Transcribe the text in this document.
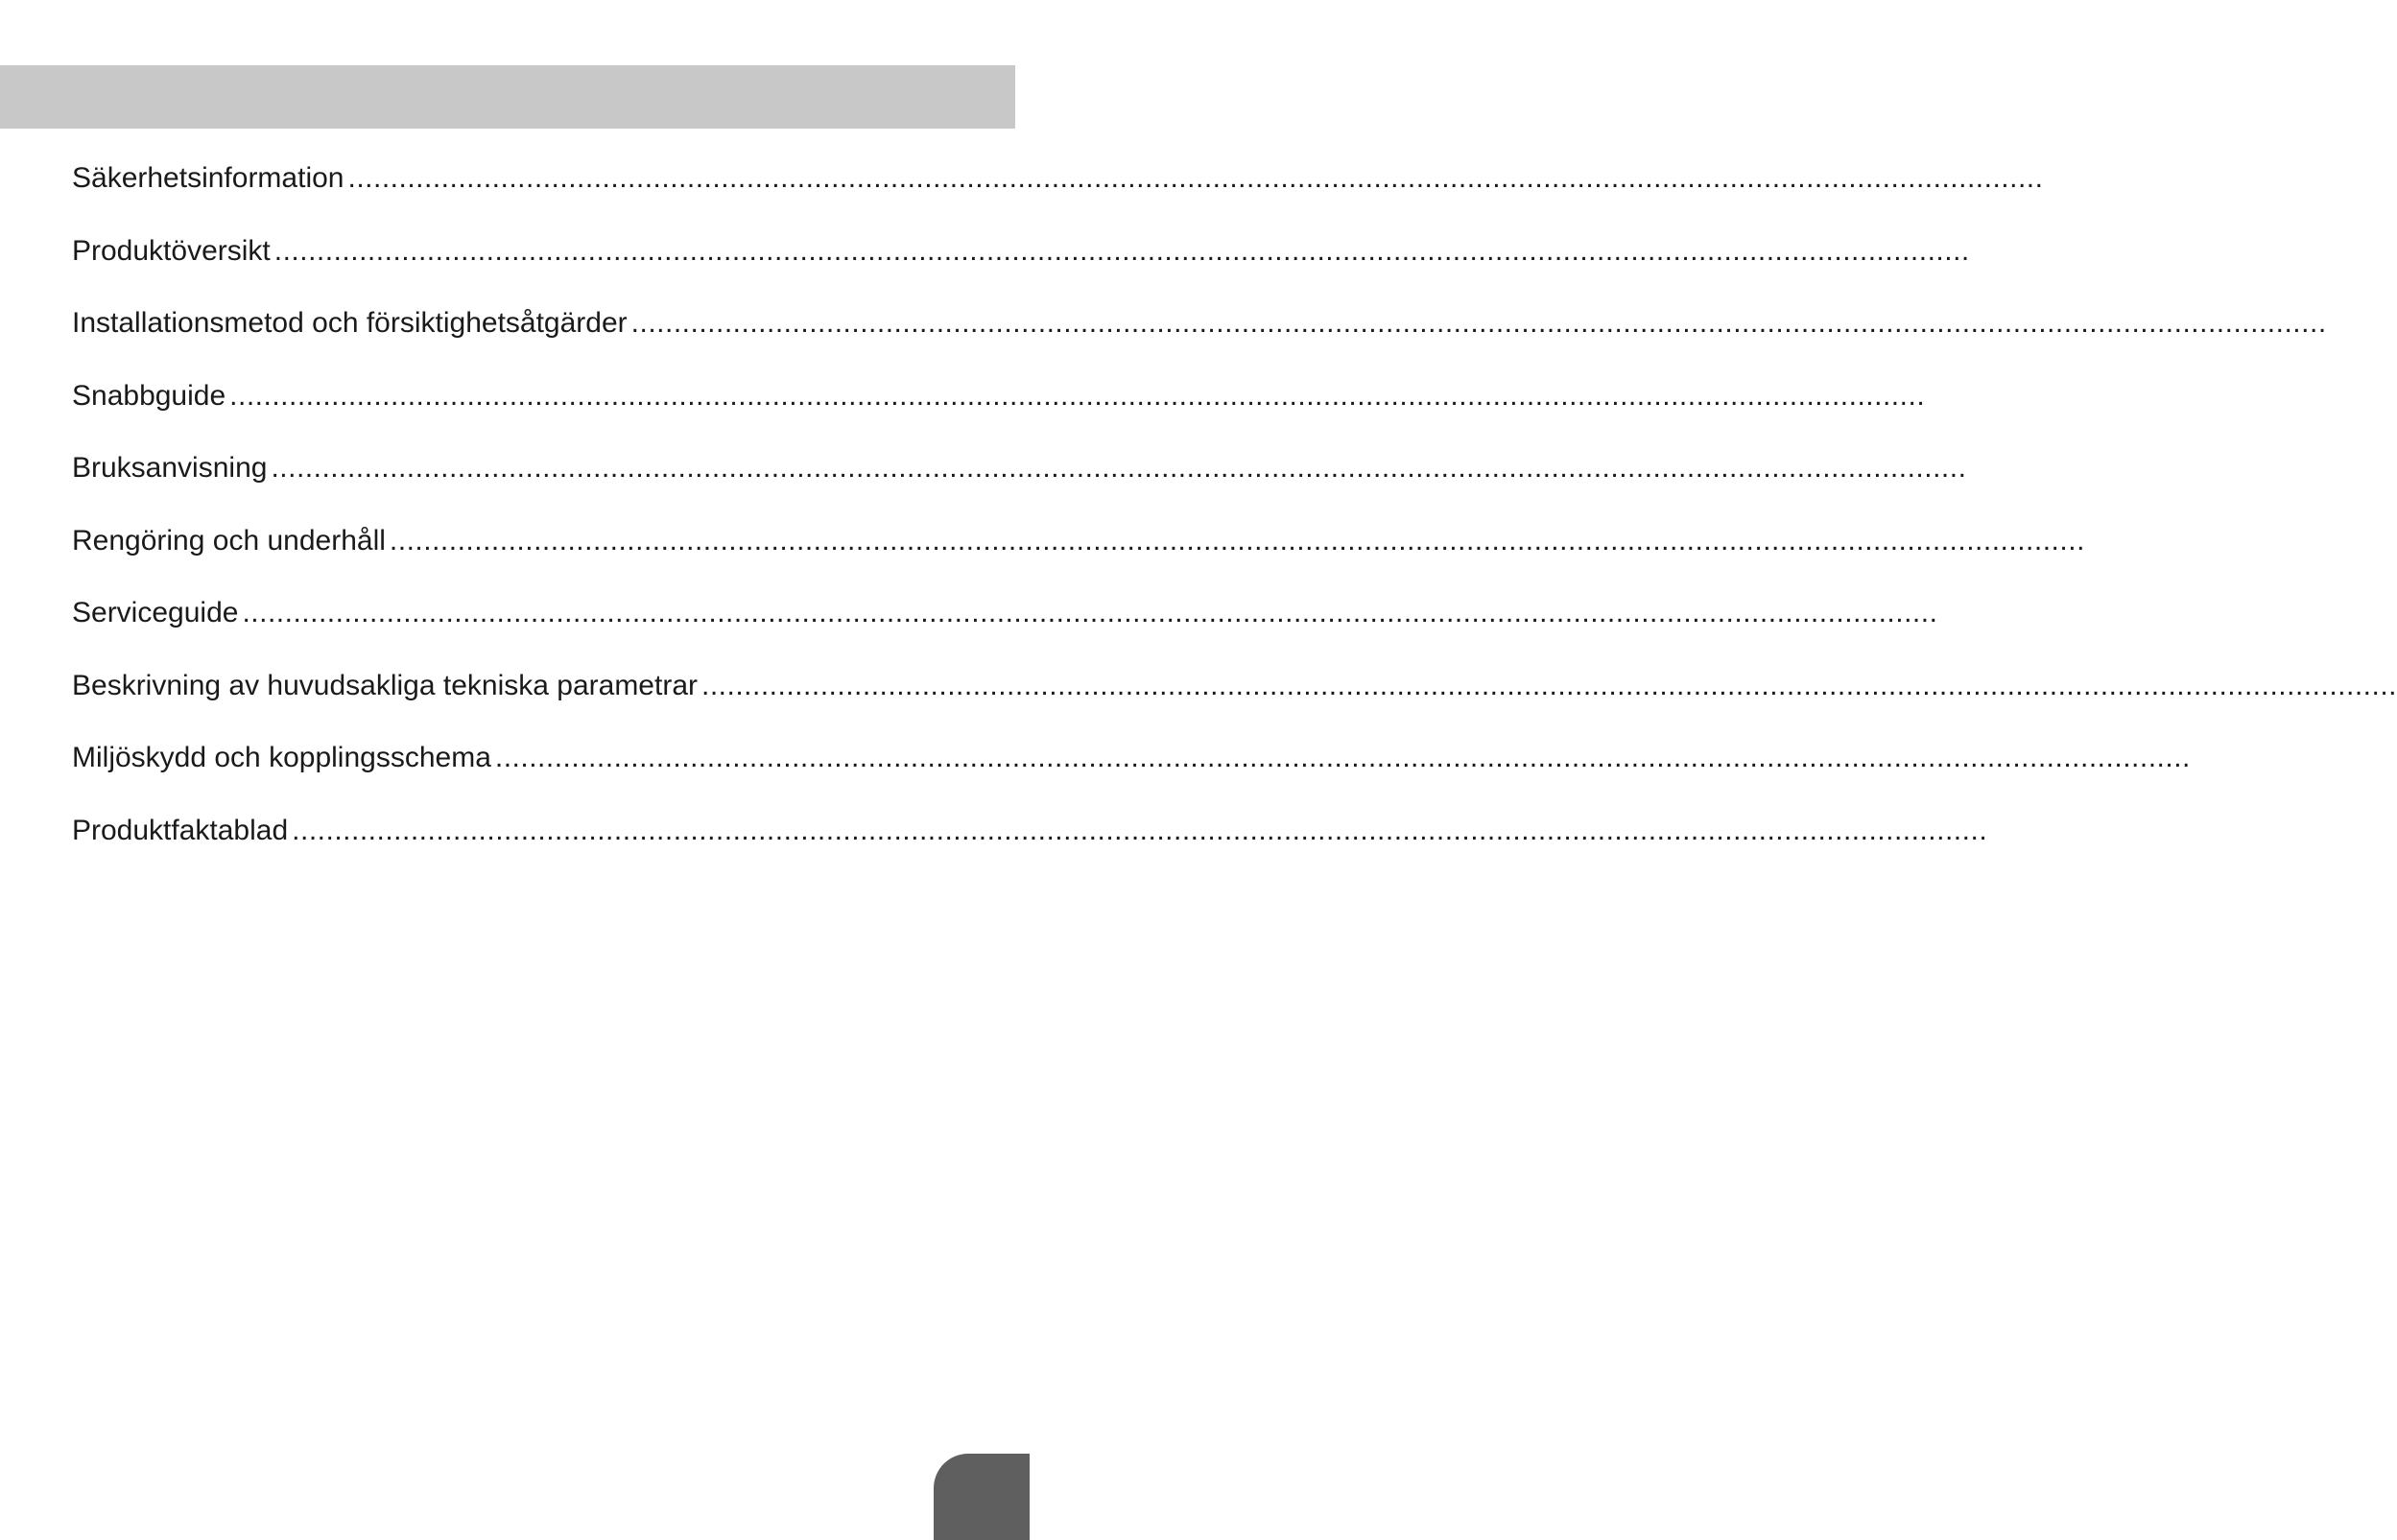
Säkerhetsinformation ........................................................................................................................................................................................................
Produktöversikt ........................................................................................................................................................................................................
Installationsmetod och försiktighetsåtgärder ........................................................................................................................................................................................................
Snabbguide ........................................................................................................................................................................................................
Bruksanvisning ........................................................................................................................................................................................................
Rengöring och underhåll ........................................................................................................................................................................................................
Serviceguide ........................................................................................................................................................................................................
Beskrivning av huvudsakliga tekniska parametrar ........................................................................................................................................................................................................
Miljöskydd och kopplingsschema ........................................................................................................................................................................................................
Produktfaktablad ........................................................................................................................................................................................................
